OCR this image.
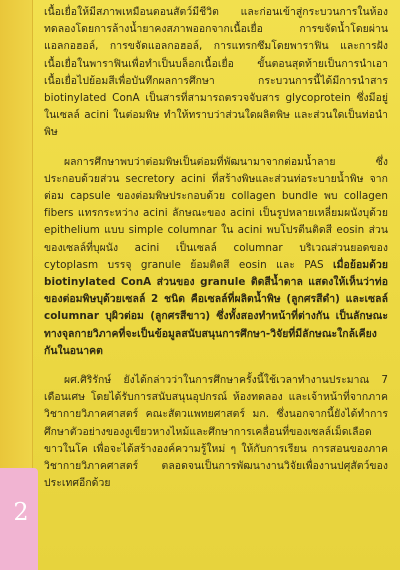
2

เนื้อเยื่อให้มีสภาพเหมือนตอนสัตว์มีชีวิต และก่อนเข้าสู่กระบวนการในห้องทดลองโดยการล้างน้ำยาคงสภาพออกจากเนื้อเยื่อ การขจัดน้ำโดยผ่านแอลกอฮอล์, การขจัดแอลกอฮอล์, การแทรกซึมโดยพาราฟิน และการฝังเนื้อเยื่อในพาราฟินเพื่อทำเป็นบล็อกเนื้อเยื่อ ขั้นตอนสุดท้ายเป็นการนำเอาเนื้อเยื่อไปย้อมสีเพื่อบันทึกผลการศึกษา กระบวนการนี้ได้มีการนำสาร biotinylated ConA เป็นสารที่สามารถตรวจจับสาร glycoprotein ซึ่งมีอยู่ในเซลล์ acini ในต่อมพิษ ทำให้ทราบว่าส่วนใดผลิตพิษ และส่วนใดเป็นท่อนำพิษ

ผลการศึกษาพบว่าต่อมพิษเป็นต่อมที่พัฒนามาจากต่อมน้ำลาย ซึ่งประกอบด้วยส่วน secretory acini ที่สร้างพิษและส่วนท่อระบายน้ำพิษ จากต่อม capsule ของต่อมพิษประกอบด้วย collagen bundle พบ collagen fibers แทรกระหว่าง acini ลักษณะของ acini เป็นรูปหลายเหลี่ยมผนังบุด้วย epithelium แบบ simple columnar ใน acini พบโปรตีนติดสี eosin ส่วนของเซลล์ที่บุผนัง acini เป็นเซลล์ columnar บริเวณส่วนยอดของ cytoplasm บรรจุ granule ย้อมติดสี eosin และ PAS เมื่อย้อมด้วย biotinylated ConA ส่วนของ granule ติดสีน้ำตาล แสดงให้เห็นว่าท่อของต่อมพิษบุด้วยเซลล์ 2 ชนิด คือเซลล์ที่ผลิตน้ำพิษ (ลูกศรสีดำ) และเซลล์ columnar บุผิวต่อม (ลูกศรสีขาว) ซึ่งทั้งสองทำหน้าที่ต่างกัน เป็นลักษณะทางจุลกายวิภาคที่จะเป็นข้อมูลสนับสนุนการศึกษา-วิจัยที่มีลักษณะใกล้เคียงกันในอนาคต

ผศ.ศิริรักษ์ ยังได้กล่าวว่าในการศึกษาครั้งนี้ใช้เวลาทำงานประมาณ 7 เดือนเศษ โดยได้รับการสนับสนุนอุปกรณ์ ห้องทดลอง และเจ้าหน้าที่จากภาควิชากายวิภาคศาสตร์ คณะสัตวแพทยศาสตร์ มก. ซึ่งนอกจากนี้ยังได้ทำการศึกษาตัวอย่างของงูเขียวหางไหม้และศึกษาการเคลื่อนที่ของเซลล์เม็ดเลือดขาวในโค เพื่อจะได้สร้างองค์ความรู้ใหม่ ๆ ให้กับการเรียน การสอนของภาควิชากายวิภาคศาสตร์ ตลอดจนเป็นการพัฒนางานวิจัยเพื่องานปศุสัตว์ของประเทศอีกด้วย
